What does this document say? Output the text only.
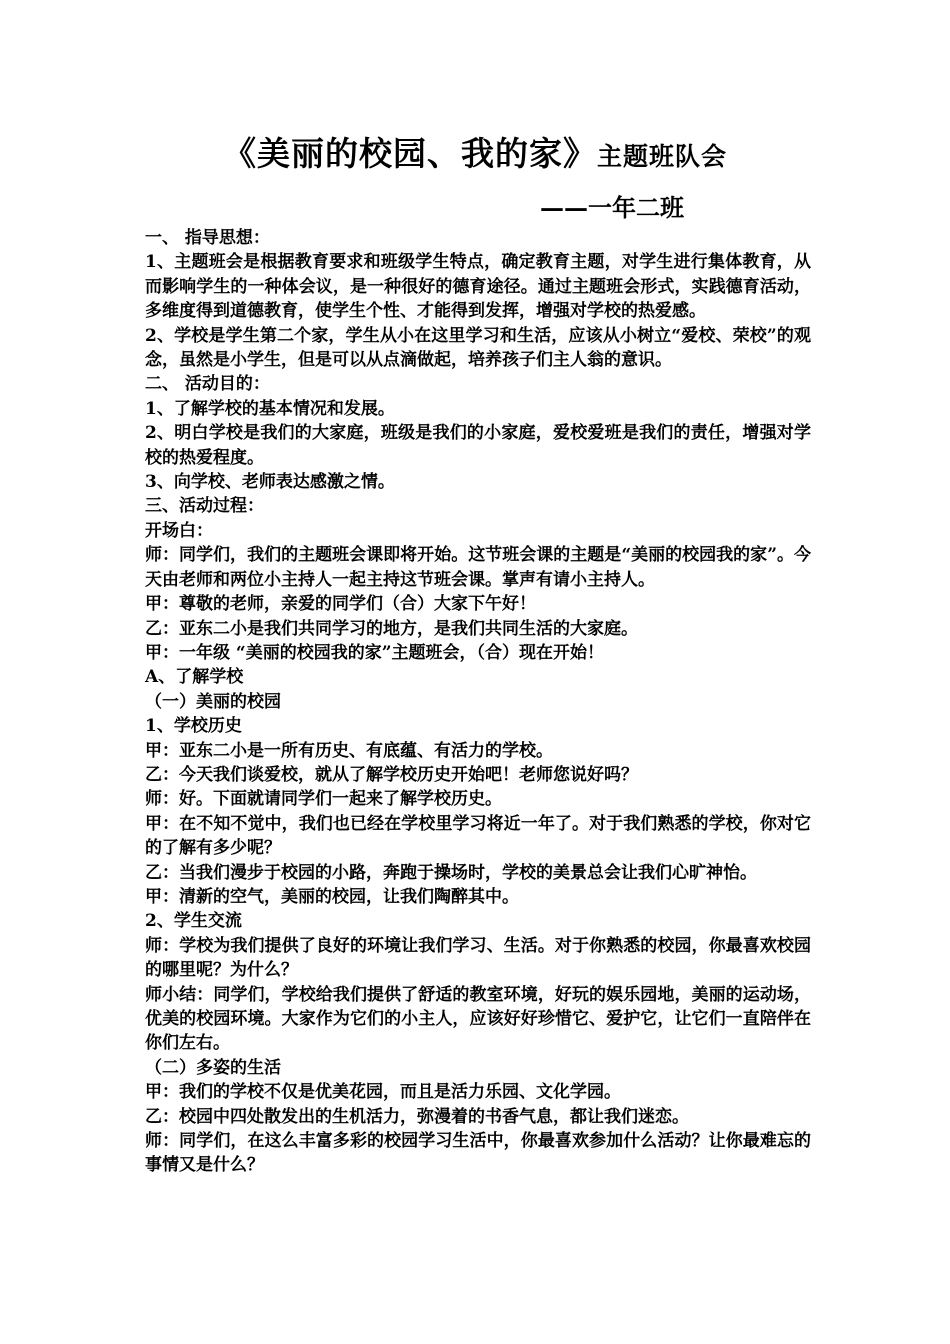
《美丽的校园、我的家》主题班队会
——一年二班

一、 指导思想：

1、主题班会是根据教育要求和班级学生特点，确定教育主题，对学生进行集体教育，从而影响学生的一种体会议，是一种很好的德育途径。通过主题班会形式，实践德育活动，多维度得到道德教育，使学生个性、才能得到发挥，增强对学校的热爱感。

2、学校是学生第二个家，学生从小在这里学习和生活，应该从小树立“爱校、荣校”的观念，虽然是小学生，但是可以从点滴做起，培养孩子们主人翁的意识。

二、 活动目的：

1、了解学校的基本情况和发展。

2、明白学校是我们的大家庭，班级是我们的小家庭，爱校爱班是我们的责任，增强对学校的热爱程度。

3、向学校、老师表达感激之情。

三、活动过程：

开场白：

师：同学们，我们的主题班会课即将开始。这节班会课的主题是“美丽的校园我的家”。今天由老师和两位小主持人一起主持这节班会课。掌声有请小主持人。

甲：尊敬的老师，亲爱的同学们（合）大家下午好！

乙：亚东二小是我们共同学习的地方，是我们共同生活的大家庭。

甲：一年级 “美丽的校园我的家”主题班会，（合）现在开始！

A、了解学校

（一）美丽的校园

1、学校历史

甲：亚东二小是一所有历史、有底蕴、有活力的学校。

乙：今天我们谈爱校，就从了解学校历史开始吧！老师您说好吗？

师：好。下面就请同学们一起来了解学校历史。

甲：在不知不觉中，我们也已经在学校里学习将近一年了。对于我们熟悉的学校，你对它的了解有多少呢？

乙：当我们漫步于校园的小路，奔跑于操场时，学校的美景总会让我们心旷神怡。

甲：清新的空气，美丽的校园，让我们陶醉其中。

2、学生交流

师：学校为我们提供了良好的环境让我们学习、生活。对于你熟悉的校园，你最喜欢校园的哪里呢？为什么？

师小结：同学们，学校给我们提供了舒适的教室环境，好玩的娱乐园地，美丽的运动场，优美的校园环境。大家作为它们的小主人，应该好好珍惜它、爱护它，让它们一直陪伴在你们左右。

（二）多姿的生活

甲：我们的学校不仅是优美花园，而且是活力乐园、文化学园。

乙：校园中四处散发出的生机活力，弥漫着的书香气息，都让我们迷恋。

师：同学们，在这么丰富多彩的校园学习生活中，你最喜欢参加什么活动？让你最难忘的事情又是什么？
